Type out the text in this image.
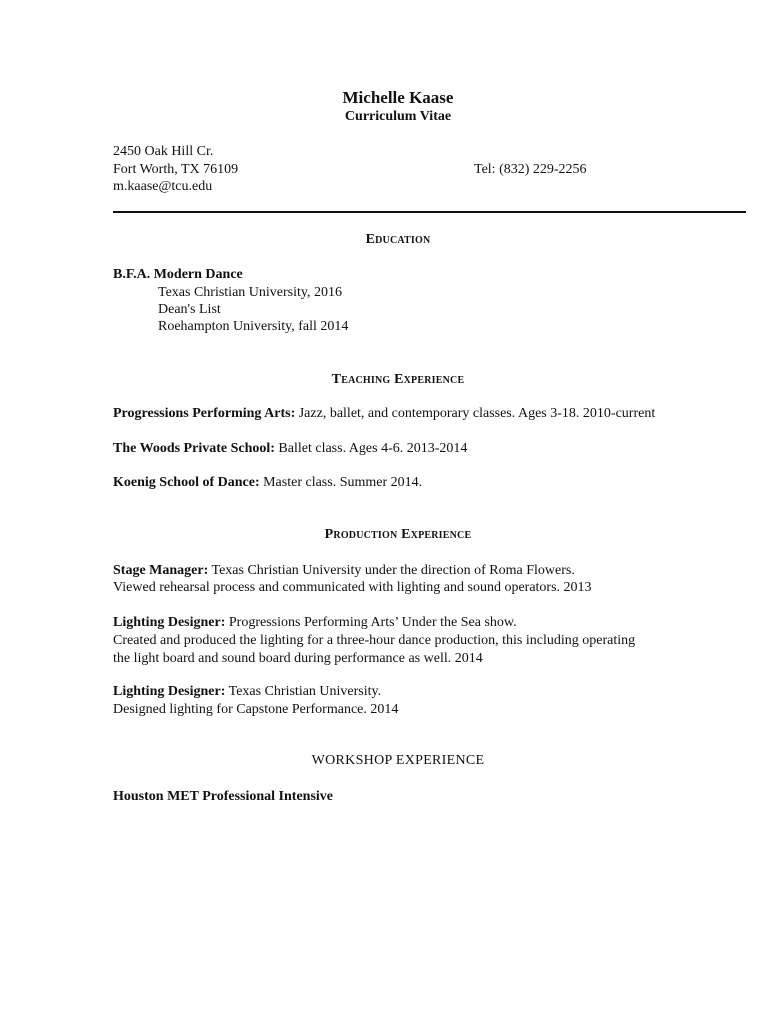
Michelle Kaase
Curriculum Vitae
2450 Oak Hill Cr.
Fort Worth, TX 76109	Tel: (832) 229-2256
m.kaase@tcu.edu
Education
B.F.A. Modern Dance
Texas Christian University, 2016
Dean's List
Roehampton University, fall 2014
Teaching Experience
Progressions Performing Arts: Jazz, ballet, and contemporary classes. Ages 3-18. 2010-current
The Woods Private School: Ballet class. Ages 4-6. 2013-2014
Koenig School of Dance: Master class. Summer 2014.
Production Experience
Stage Manager: Texas Christian University under the direction of Roma Flowers.
Viewed rehearsal process and communicated with lighting and sound operators. 2013
Lighting Designer: Progressions Performing Arts’ Under the Sea show.
Created and produced the lighting for a three-hour dance production, this including operating
the light board and sound board during performance as well. 2014
Lighting Designer: Texas Christian University.
Designed lighting for Capstone Performance. 2014
WORKSHOP EXPERIENCE
Houston MET Professional Intensive
